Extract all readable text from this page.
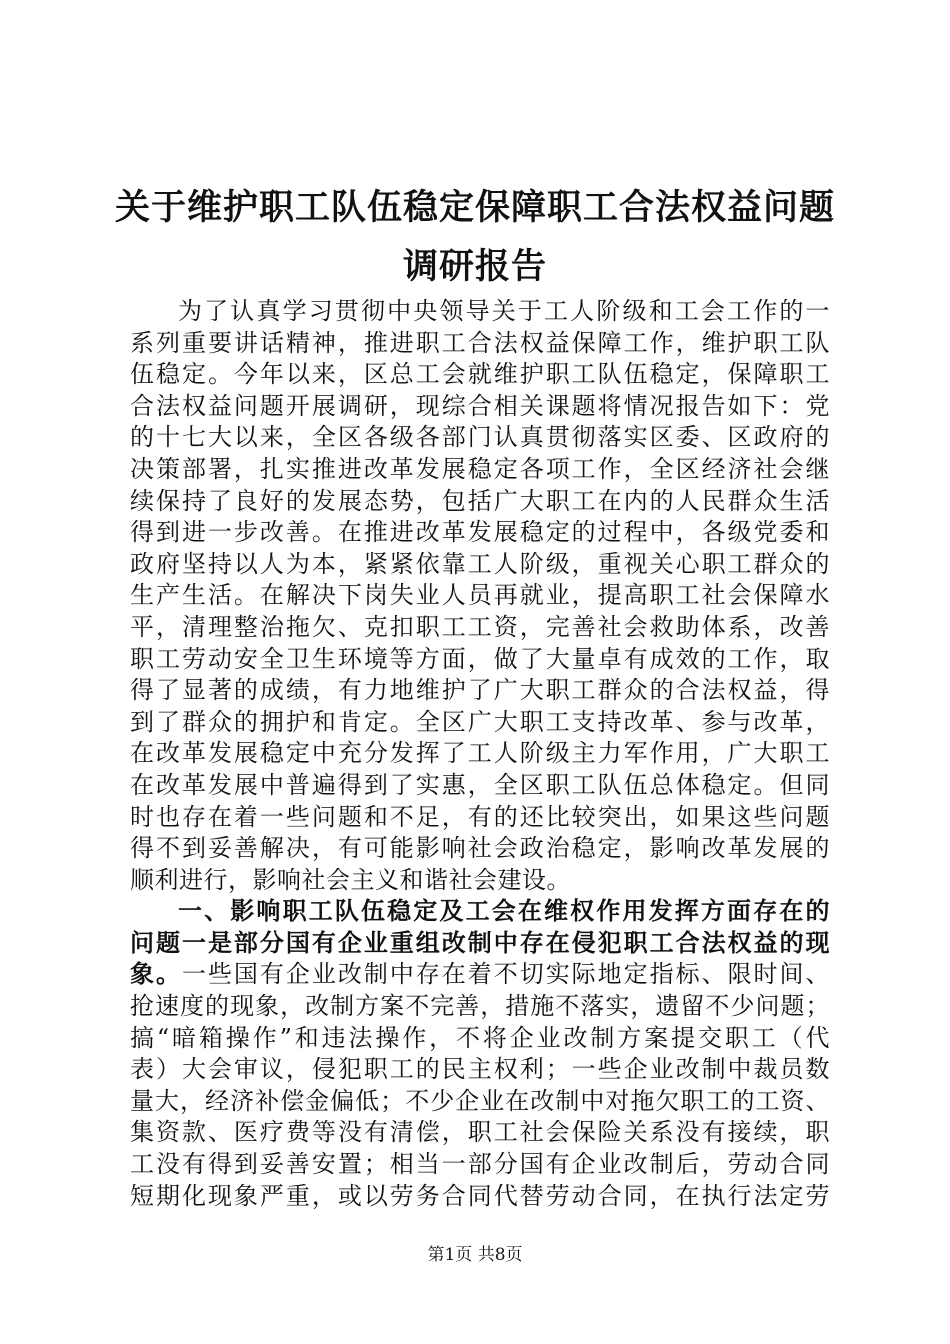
关于维护职工队伍稳定保障职工合法权益问题
调研报告
为了认真学习贯彻中央领导关于工人阶级和工会工作的一
系列重要讲话精神，推进职工合法权益保障工作，维护职工队
伍稳定。今年以来，区总工会就维护职工队伍稳定，保障职工
合法权益问题开展调研，现综合相关课题将情况报告如下：党
的十七大以来，全区各级各部门认真贯彻落实区委、区政府的
决策部署，扎实推进改革发展稳定各项工作，全区经济社会继
续保持了良好的发展态势，包括广大职工在内的人民群众生活
得到进一步改善。在推进改革发展稳定的过程中，各级党委和
政府坚持以人为本，紧紧依靠工人阶级，重视关心职工群众的
生产生活。在解决下岗失业人员再就业，提高职工社会保障水
平，清理整治拖欠、克扣职工工资，完善社会救助体系，改善
职工劳动安全卫生环境等方面，做了大量卓有成效的工作，取
得了显著的成绩，有力地维护了广大职工群众的合法权益，得
到了群众的拥护和肯定。全区广大职工支持改革、参与改革，
在改革发展稳定中充分发挥了工人阶级主力军作用，广大职工
在改革发展中普遍得到了实惠，全区职工队伍总体稳定。但同
时也存在着一些问题和不足，有的还比较突出，如果这些问题
得不到妥善解决，有可能影响社会政治稳定，影响改革发展的
顺利进行，影响社会主义和谐社会建设。
一、影响职工队伍稳定及工会在维权作用发挥方面存在的
问题一是部分国有企业重组改制中存在侵犯职工合法权益的现
象。一些国有企业改制中存在着不切实际地定指标、限时间、
抢速度的现象，改制方案不完善，措施不落实，遗留不少问题；
搞“暗箱操作”和违法操作，不将企业改制方案提交职工（代
表）大会审议，侵犯职工的民主权利；一些企业改制中裁员数
量大，经济补偿金偏低；不少企业在改制中对拖欠职工的工资、
集资款、医疗费等没有清偿，职工社会保险关系没有接续，职
工没有得到妥善安置；相当一部分国有企业改制后，劳动合同
短期化现象严重，或以劳务合同代替劳动合同，在执行法定劳
第1页 共8页
